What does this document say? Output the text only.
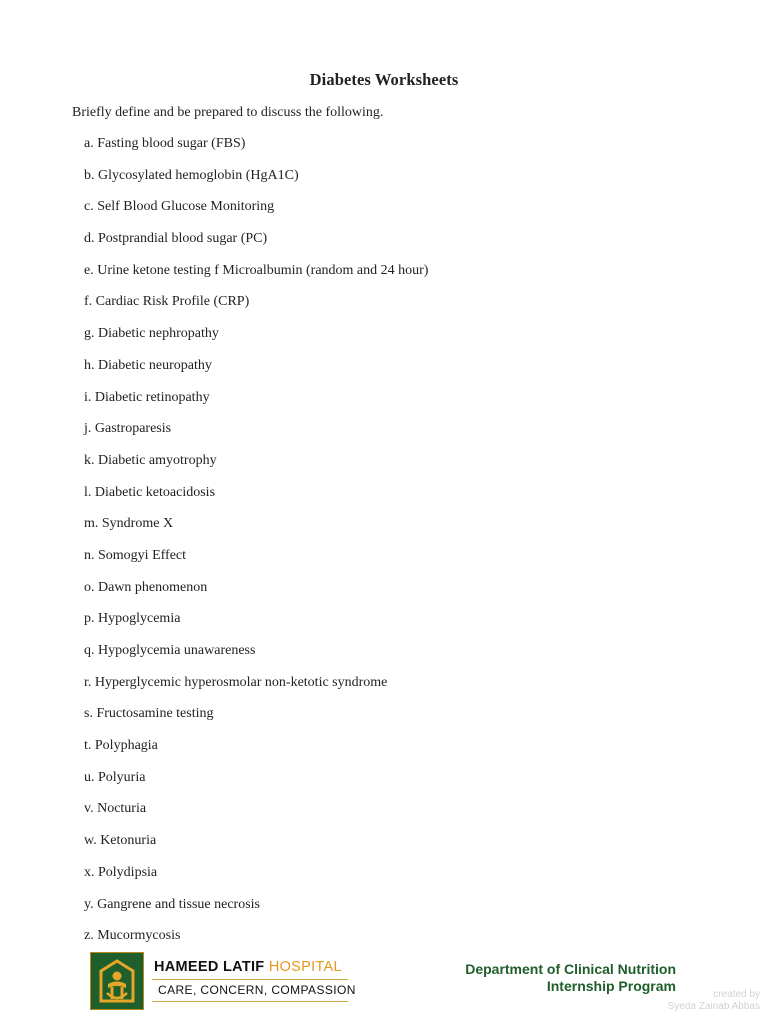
Diabetes Worksheets
Briefly define and be prepared to discuss the following.
a. Fasting blood sugar (FBS)
b. Glycosylated hemoglobin (HgA1C)
c. Self Blood Glucose Monitoring
d. Postprandial blood sugar (PC)
e. Urine ketone testing f Microalbumin (random and 24 hour)
f. Cardiac Risk Profile (CRP)
g. Diabetic nephropathy
h. Diabetic neuropathy
i. Diabetic retinopathy
j. Gastroparesis
k. Diabetic amyotrophy
l. Diabetic ketoacidosis
m. Syndrome X
n. Somogyi Effect
o. Dawn phenomenon
p. Hypoglycemia
q. Hypoglycemia unawareness
r. Hyperglycemic hyperosmolar non-ketotic syndrome
s. Fructosamine testing
t. Polyphagia
u. Polyuria
v. Nocturia
w. Ketonuria
x. Polydipsia
y. Gangrene and tissue necrosis
z. Mucormycosis
HAMEED LATIF HOSPITAL
CARE, CONCERN, COMPASSION
Department of Clinical Nutrition
Internship Program
created by
Syeda Zainab Abbas
